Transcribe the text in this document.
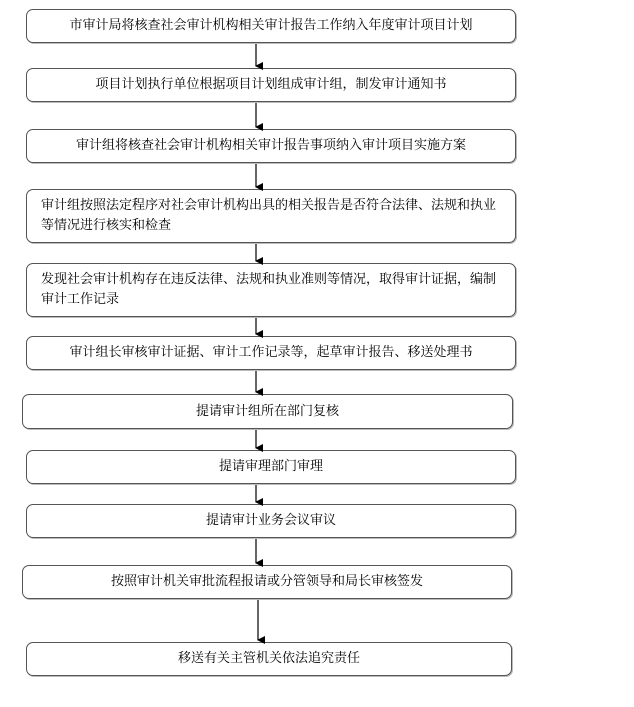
市审计局将核查社会审计机构相关审计报告工作纳入年度审计项目计划
项目计划执行单位根据项目计划组成审计组，制发审计通知书
审计组将核查社会审计机构相关审计报告事项纳入审计项目实施方案
审计组按照法定程序对社会审计机构出具的相关报告是否符合法律、法规和执业等情况进行核实和检查
发现社会审计机构存在违反法律、法规和执业准则等情况，取得审计证据，编制审计工作记录
审计组长审核审计证据、审计工作记录等，起草审计报告、移送处理书
提请审计组所在部门复核
提请审理部门审理
提请审计业务会议审议
按照审计机关审批流程报请或分管领导和局长审核签发
移送有关主管机关依法追究责任
